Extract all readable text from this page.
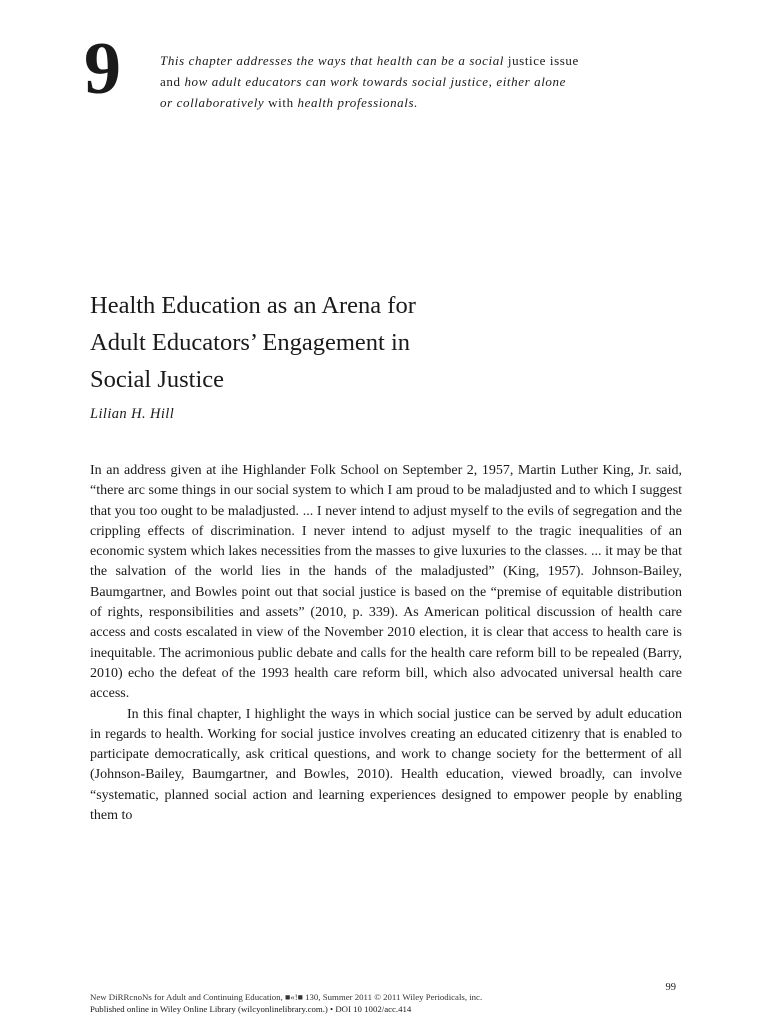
9	This chapter addresses the ways that health can be a social justice issue and how adult educators can work towards social justice, either alone or collaboratively with health professionals.
Health Education as an Arena for
Adult Educators’ Engagement in
Social Justice
Lilian H. Hill

In an address given at ihe Highlander Folk School on September 2, 1957, Martin Luther King, Jr. said, “there arc some things in our social system to which I am proud to be maladjusted and to which I suggest that you too ought to be maladjusted. ... I never intend to adjust myself to the evils of segregation and the crippling effects of discrimination. I never intend to adjust myself to the tragic inequalities of an economic system which lakes necessities from the masses to give luxuries to the classes. ... it may be that the salvation of the world lies in the hands of the maladjusted” (King, 1957). Johnson-Bailey, Baumgartner, and Bowles point out that social justice is based on the “premise of equitable distribution of rights, responsibilities and assets” (2010, p. 339). As American political discussion of health care access and costs escalated in view of the November 2010 election, it is clear that access to health care is inequitable. The acrimonious public debate and calls for the health care reform bill to be repealed (Barry, 2010) echo the defeat of the 1993 health care reform bill, which also advocated universal health care access.

In this final chapter, I highlight the ways in which social justice can be served by adult education in regards to health. Working for social justice involves creating an educated citizenry that is enabled to participate democratically, ask critical questions, and work to change society for the betterment of all (Johnson-Bailey, Baumgartner, and Bowles, 2010). Health education, viewed broadly, can involve “systematic, planned social action and learning experiences designed to empower people by enabling them to

99
New DiRRcnoNs for Adult and Continuing Education, ■«!■ 130, Summer 2011 © 2011 Wiley Periodicals, inc.
Published online in Wiley Online Library (wilcyonlinelibrary.com.) • DOI 10 1002/acc.414
